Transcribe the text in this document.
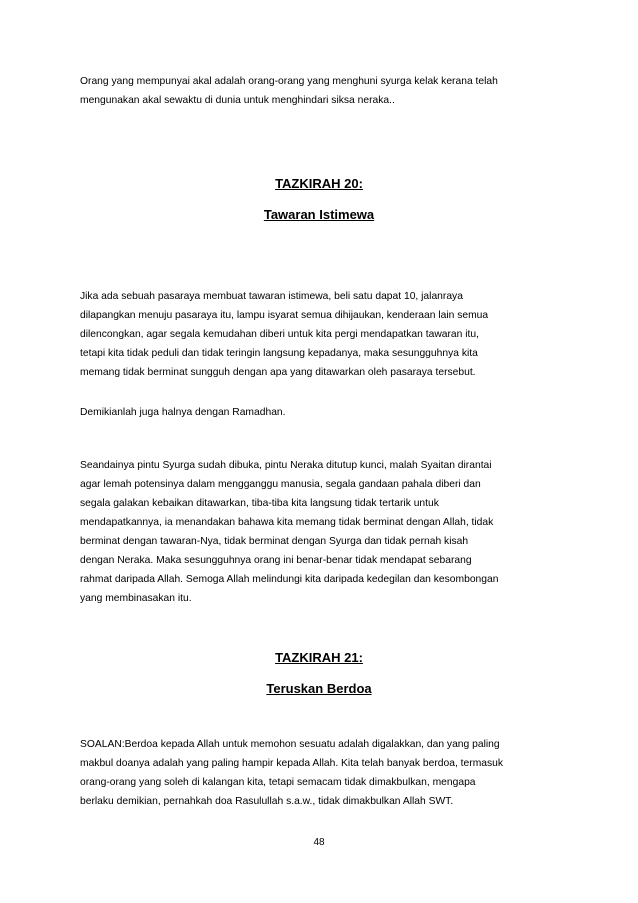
Orang yang mempunyai akal adalah orang-orang yang menghuni syurga kelak kerana telah
mengunakan akal sewaktu di dunia untuk menghindari siksa neraka..
TAZKIRAH 20:
Tawaran Istimewa
Jika ada sebuah pasaraya membuat tawaran istimewa, beli satu dapat 10, jalanraya
dilapangkan menuju pasaraya itu, lampu isyarat semua dihijaukan, kenderaan lain semua
dilencongkan, agar segala kemudahan diberi untuk kita pergi mendapatkan tawaran itu,
tetapi kita tidak peduli dan tidak teringin langsung kepadanya, maka sesungguhnya kita
memang tidak berminat sungguh dengan apa yang ditawarkan oleh pasaraya tersebut.
Demikianlah juga halnya dengan Ramadhan.
Seandainya pintu Syurga sudah dibuka, pintu Neraka ditutup kunci, malah Syaitan dirantai
agar lemah potensinya dalam mengganggu manusia, segala gandaan pahala diberi dan
segala galakan kebaikan ditawarkan, tiba-tiba kita langsung tidak tertarik untuk
mendapatkannya, ia menandakan bahawa kita memang tidak berminat dengan Allah, tidak
berminat dengan tawaran-Nya, tidak berminat dengan Syurga dan tidak pernah kisah
dengan Neraka. Maka sesungguhnya orang ini benar-benar tidak mendapat sebarang
rahmat daripada Allah. Semoga Allah melindungi kita daripada kedegilan dan kesombongan
yang membinasakan itu.
TAZKIRAH 21:
Teruskan Berdoa
SOALAN:Berdoa kepada Allah untuk memohon sesuatu adalah digalakkan, dan yang paling
makbul doanya adalah yang paling hampir kepada Allah. Kita telah banyak berdoa, termasuk
orang-orang yang soleh di kalangan kita, tetapi semacam tidak dimakbulkan, mengapa
berlaku demikian, pernahkah doa Rasulullah s.a.w., tidak dimakbulkan Allah SWT.
48
